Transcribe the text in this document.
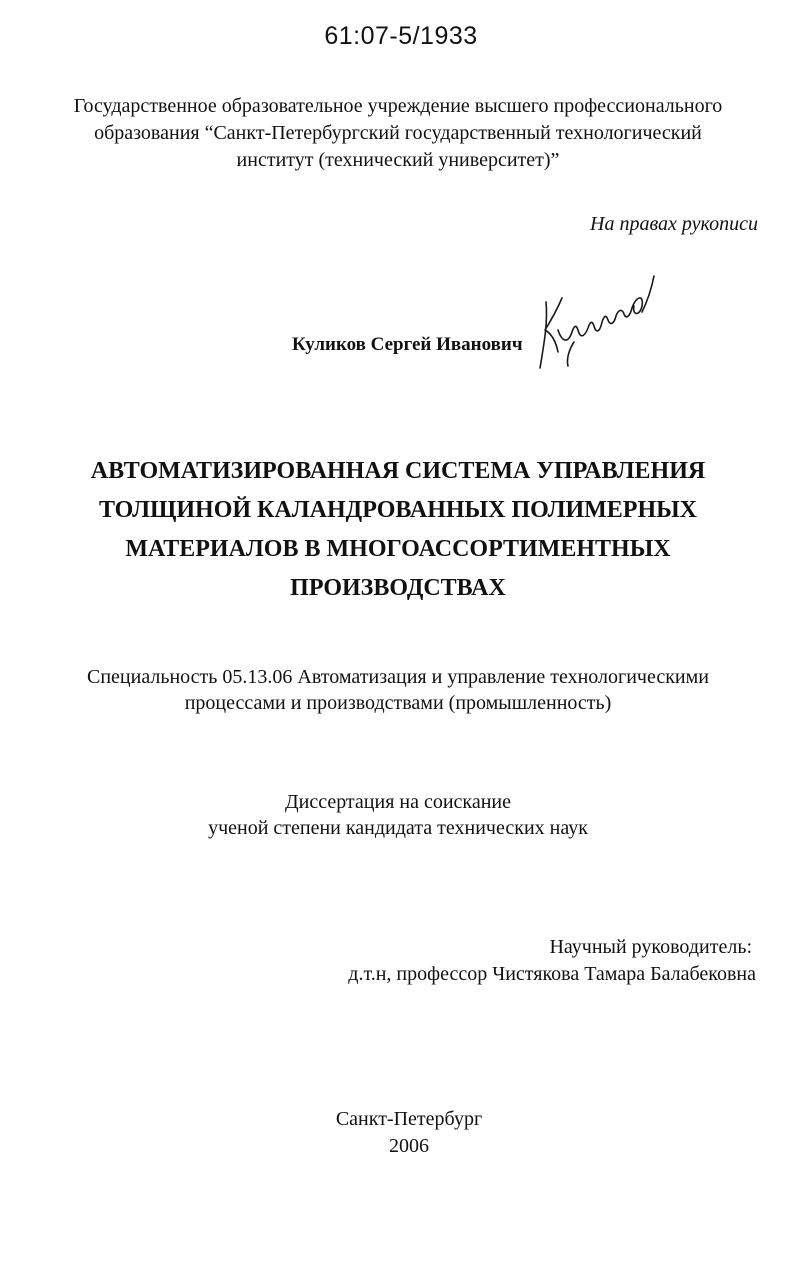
61:07-5/1933
Государственное образовательное учреждение высшего профессионального
образования “Санкт-Петербургский государственный технологический
институт (технический университет)”
На правах рукописи
Куликов Сергей Иванович
АВТОМАТИЗИРОВАННАЯ СИСТЕМА УПРАВЛЕНИЯ
ТОЛЩИНОЙ КАЛАНДРОВАННЫХ ПОЛИМЕРНЫХ
МАТЕРИАЛОВ В МНОГОАССОРТИМЕНТНЫХ
ПРОИЗВОДСТВАХ
Специальность 05.13.06 Автоматизация и управление технологическими
процессами и производствами (промышленность)
Диссертация на соискание
ученой степени кандидата технических наук
Научный руководитель:
д.т.н, профессор Чистякова Тамара Балабековна
Санкт-Петербург
2006
